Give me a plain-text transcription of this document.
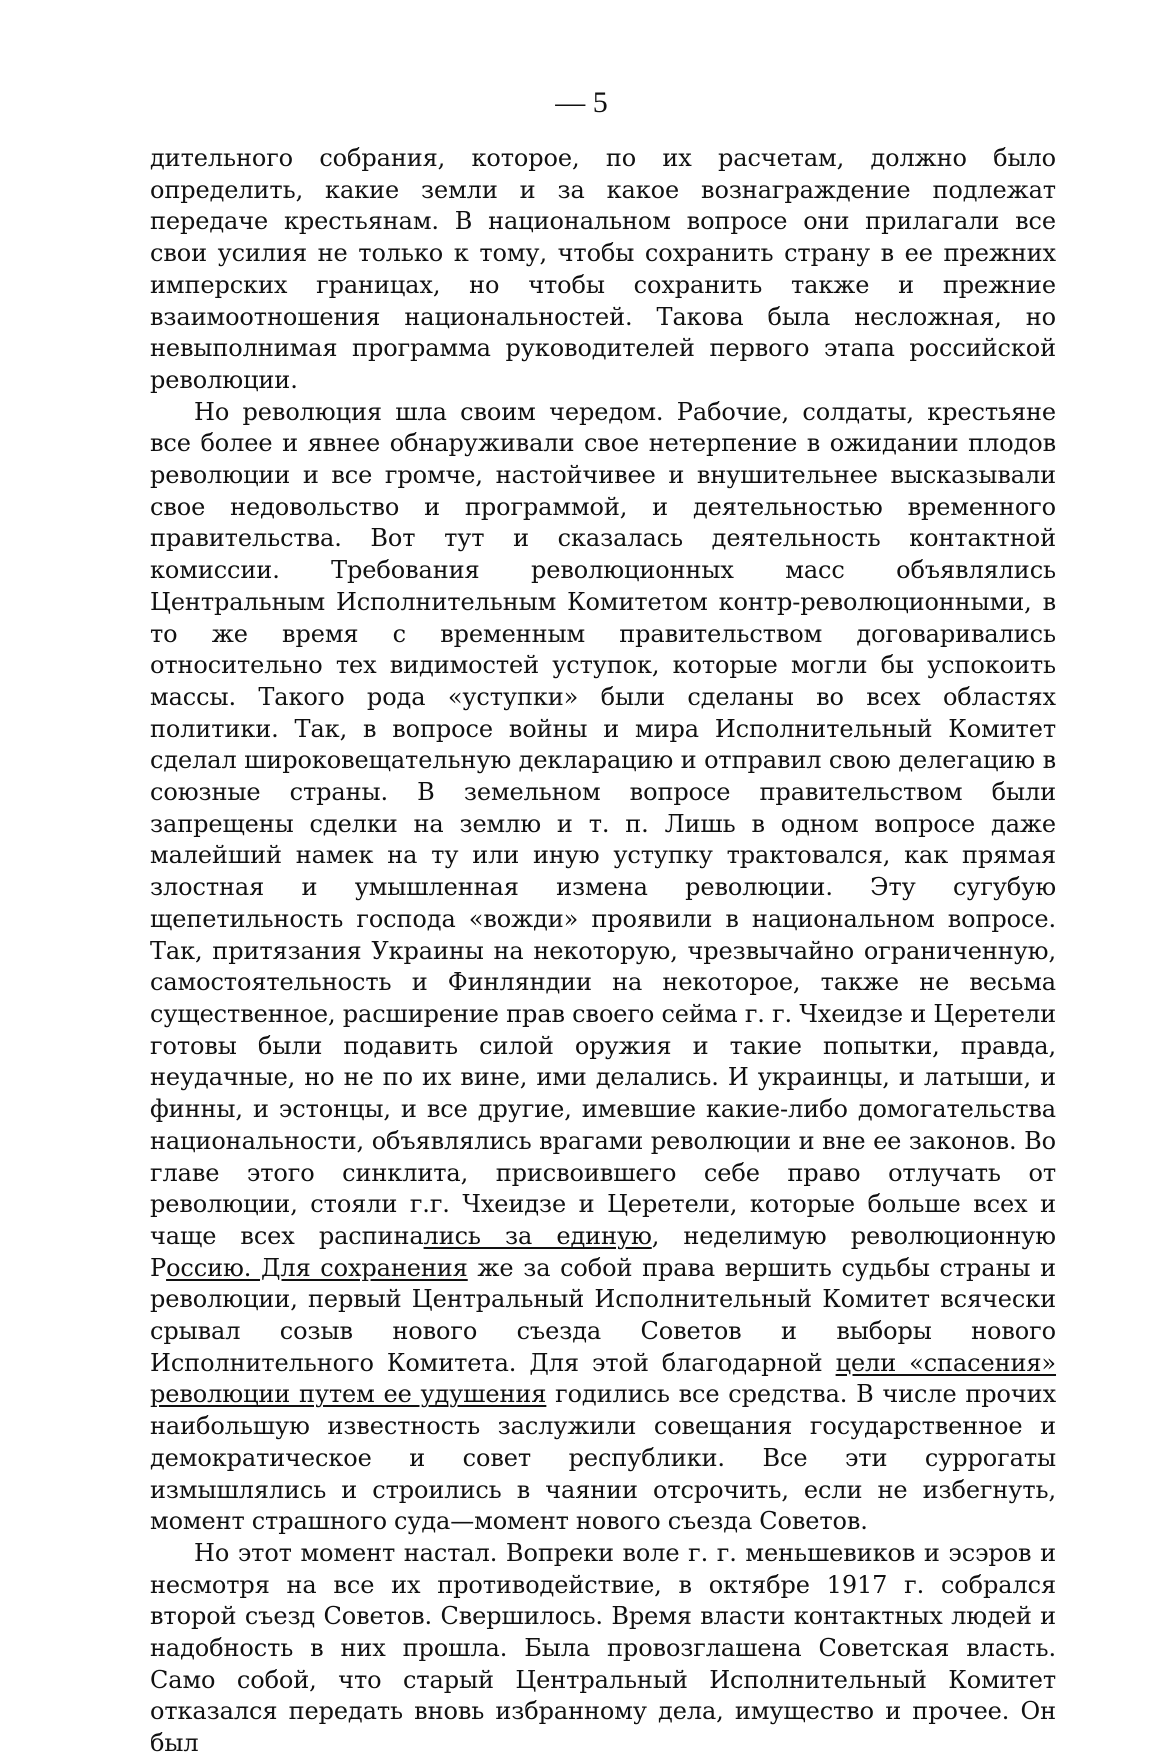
— 5

дительного собрания, которое, по их расчетам, должно было определить, какие земли и за какое вознаграждение подлежат передаче крестьянам. В национальном вопросе они прилагали все свои усилия не только к тому, чтобы сохранить страну в ее прежних имперских границах, но чтобы сохранить также и прежние взаимоотношения национальностей. Такова была несложная, но невыполнимая программа руководителей первого этапа российской революции.

Но революция шла своим чередом. Рабочие, солдаты, крестьяне все более и явнее обнаруживали свое нетерпение в ожидании плодов революции и все громче, настойчивее и внушительнее высказывали свое недовольство и программой, и деятельностью временного правительства. Вот тут и сказалась деятельность контактной комиссии. Требования революционных масс объявлялись Центральным Исполнительным Комитетом контр-революционными, в то же время с временным правительством договаривались относительно тех видимостей уступок, которые могли бы успокоить массы. Такого рода «уступки» были сделаны во всех областях политики. Так, в вопросе войны и мира Исполнительный Комитет сделал широковещательную декларацию и отправил свою делегацию в союзные страны. В земельном вопросе правительством были запрещены сделки на землю и т. п. Лишь в одном вопросе даже малейший намек на ту или иную уступку трактовался, как прямая злостная и умышленная измена революции. Эту сугубую щепетильность господа «вожди» проявили в национальном вопросе. Так, притязания Украины на некоторую, чрезвычайно ограниченную, самостоятельность и Финляндии на некоторое, также не весьма существенное, расширение прав своего сейма г. г. Чхеидзе и Церетели готовы были подавить силой оружия и такие попытки, правда, неудачные, но не по их вине, ими делались. И украинцы, и латыши, и финны, и эстонцы, и все другие, имевшие какие-либо домогательства национальности, объявлялись врагами революции и вне ее законов. Во главе этого синклита, присвоившего себе право отлучать от революции, стояли г.г. Чхеидзе и Церетели, которые больше всех и чаще всех распинались за единую, неделимую революционную Россию. Для сохранения же за собой права вершить судьбы страны и революции, первый Центральный Исполнительный Комитет всячески срывал созыв нового съезда Советов и выборы нового Исполнительного Комитета. Для этой благодарной цели «спасения» революции путем ее удушения годились все средства. В числе прочих наибольшую известность заслужили совещания государственное и демократическое и совет республики. Все эти суррогаты измышлялись и строились в чаянии отсрочить, если не избегнуть, момент страшного суда—момент нового съезда Советов.

Но этот момент настал. Вопреки воле г. г. меньшевиков и эсэров и несмотря на все их противодействие, в октябре 1917 г. собрался второй съезд Советов. Свершилось. Время власти контактных людей и надобность в них прошла. Была провозглашена Советская власть. Само собой, что старый Центральный Исполнительный Комитет отказался передать вновь избранному дела, имущество и прочее. Он был
